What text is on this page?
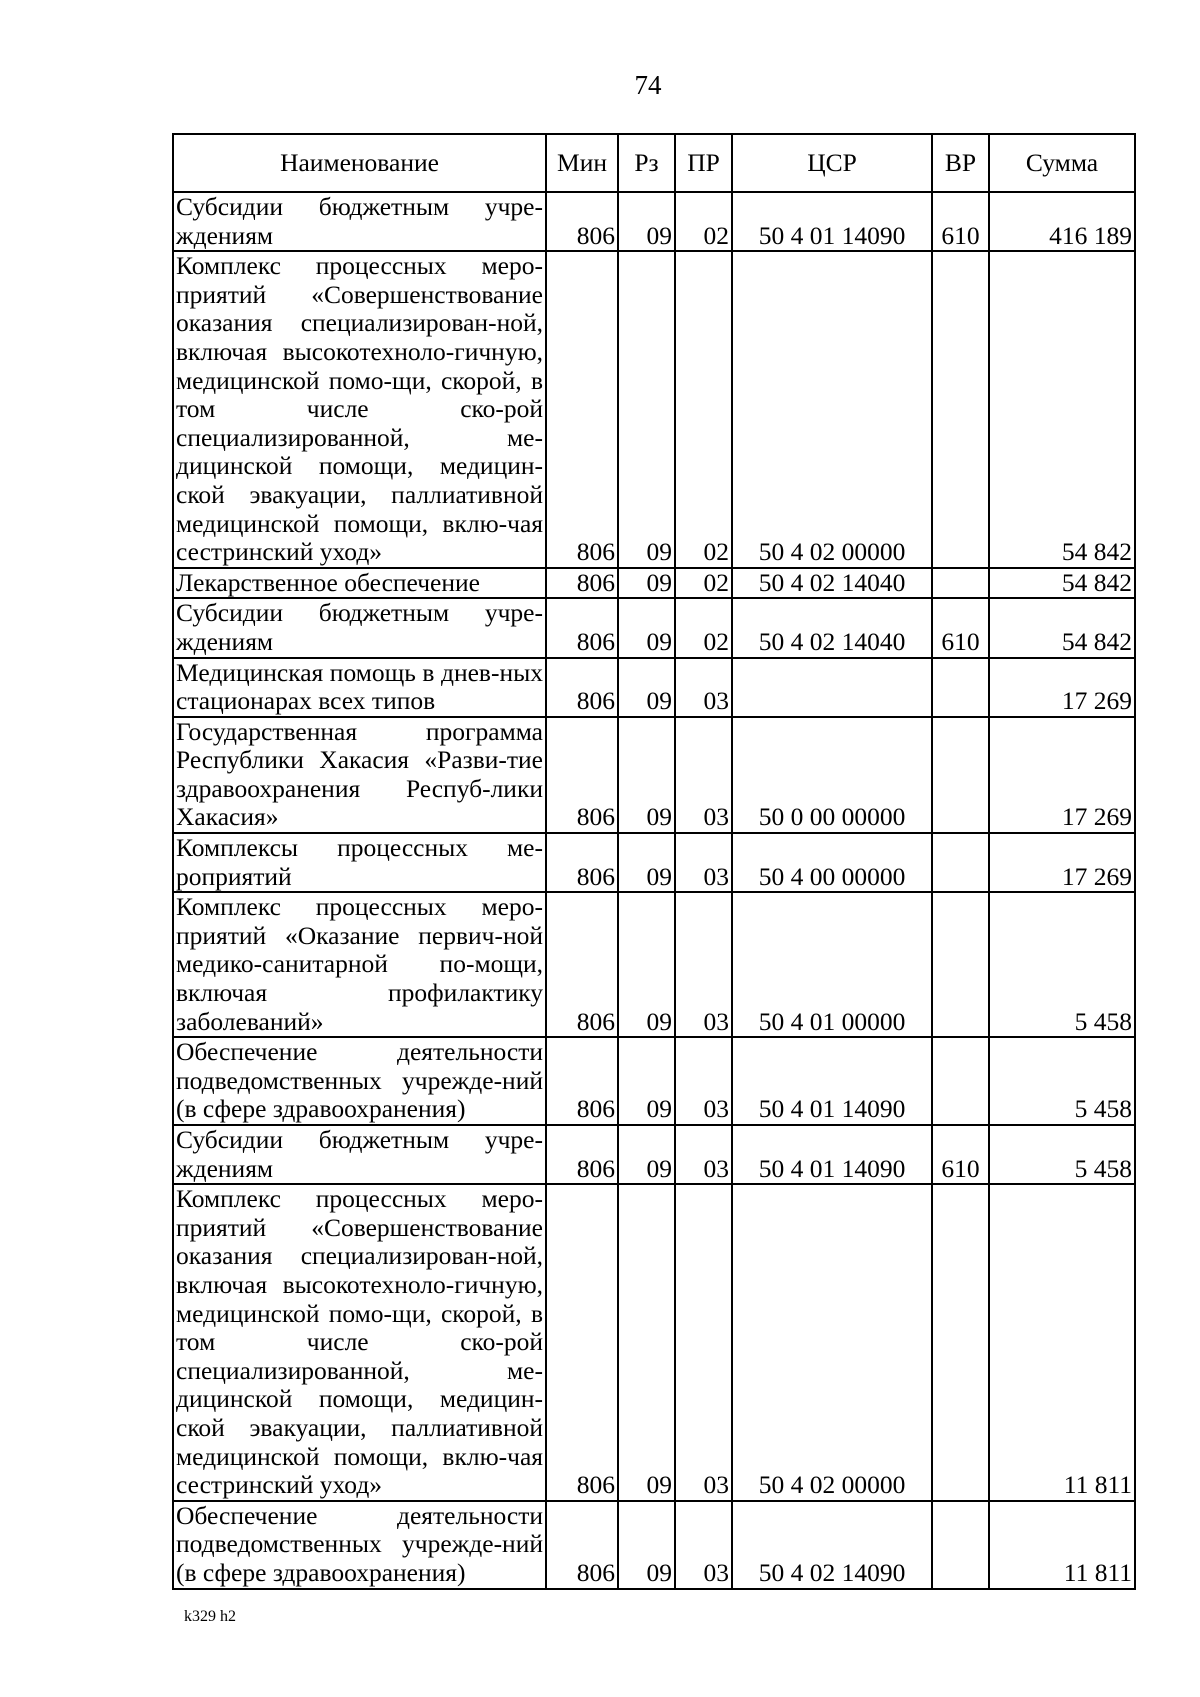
74
Наименование	Мин	Рз	ПР	ЦСР	ВР	Сумма
Субсидии бюджетным учре-ждениям	806	09	02	50 4 01 14090	610	416 189
Комплекс процессных меро-приятий «Совершенствование оказания специализирован-ной, включая высокотехноло-гичную, медицинской помо-щи, скорой, в том числе ско-рой специализированной, ме-дицинской помощи, медицин-ской эвакуации, паллиативной медицинской помощи, вклю-чая сестринский уход»	806	09	02	50 4 02 00000		54 842
Лекарственное обеспечение	806	09	02	50 4 02 14040		54 842
Субсидии бюджетным учре-ждениям	806	09	02	50 4 02 14040	610	54 842
Медицинская помощь в днев-ных стационарах всех типов	806	09	03			17 269
Государственная программа Республики Хакасия «Разви-тие здравоохранения Респуб-лики Хакасия»	806	09	03	50 0 00 00000		17 269
Комплексы процессных ме-роприятий	806	09	03	50 4 00 00000		17 269
Комплекс процессных меро-приятий «Оказание первич-ной медико-санитарной по-мощи, включая профилактику заболеваний»	806	09	03	50 4 01 00000		5 458
Обеспечение деятельности подведомственных учрежде-ний (в сфере здравоохранения)	806	09	03	50 4 01 14090		5 458
Субсидии бюджетным учре-ждениям	806	09	03	50 4 01 14090	610	5 458
Комплекс процессных меро-приятий «Совершенствование оказания специализирован-ной, включая высокотехноло-гичную, медицинской помо-щи, скорой, в том числе ско-рой специализированной, ме-дицинской помощи, медицин-ской эвакуации, паллиативной медицинской помощи, вклю-чая сестринский уход»	806	09	03	50 4 02 00000		11 811
Обеспечение деятельности подведомственных учрежде-ний (в сфере здравоохранения)	806	09	03	50 4 02 14090		11 811
k329 h2
